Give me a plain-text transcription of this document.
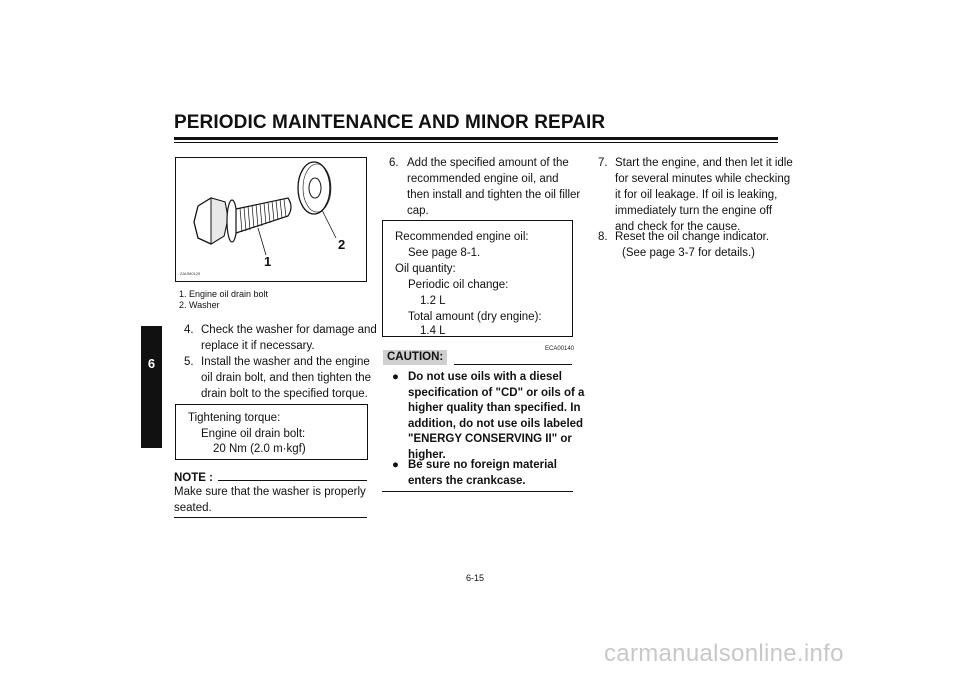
PERIODIC MAINTENANCE AND MINOR REPAIR
6
1
2
ZAUM0129
1. Engine oil drain bolt
2. Washer
4. Check the washer for damage and
replace it if necessary.
5. Install the washer and the engine
oil drain bolt, and then tighten the
drain bolt to the specified torque.
Tightening torque:
Engine oil drain bolt:
20 Nm (2.0 m·kgf)
NOTE :
Make sure that the washer is properly
seated.
6. Add the specified amount of the
recommended engine oil, and
then install and tighten the oil filler
cap.
Recommended engine oil:
See page 8-1.
Oil quantity:
Periodic oil change:
1.2 L
Total amount (dry engine):
1.4 L
ECA00140
CAUTION:
● Do not use oils with a diesel
specification of "CD" or oils of a
higher quality than specified. In
addition, do not use oils labeled
"ENERGY CONSERVING II" or
higher.
● Be sure no foreign material
enters the crankcase.
7. Start the engine, and then let it idle
for several minutes while checking
it for oil leakage. If oil is leaking,
immediately turn the engine off
and check for the cause.
8. Reset the oil change indicator.
(See page 3-7 for details.)
6-15
carmanualsonline.info
